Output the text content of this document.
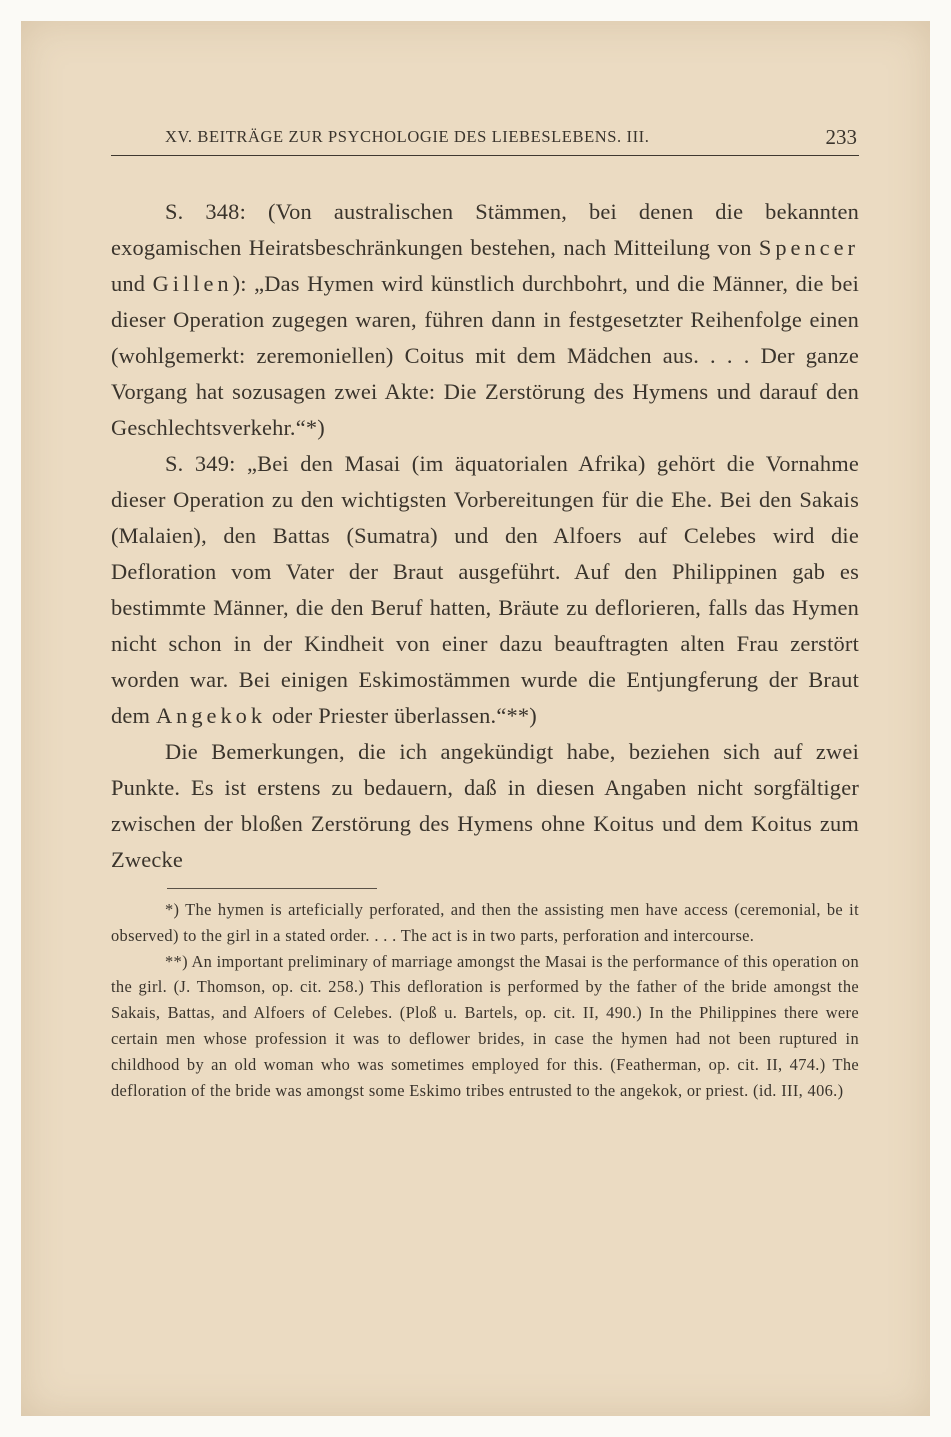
XV. BEITRÄGE ZUR PSYCHOLOGIE DES LIEBESLEBENS. III.	233

S. 348: (Von australischen Stämmen, bei denen die bekannten exogamischen Heiratsbeschränkungen bestehen, nach Mitteilung von Spencer und Gillen): „Das Hymen wird künstlich durchbohrt, und die Männer, die bei dieser Operation zugegen waren, führen dann in festgesetzter Reihenfolge einen (wohlgemerkt: zeremoniellen) Coitus mit dem Mädchen aus. . . . Der ganze Vorgang hat sozusagen zwei Akte: Die Zerstörung des Hymens und darauf den Geschlechtsverkehr.“*)

S. 349: „Bei den Masai (im äquatorialen Afrika) gehört die Vornahme dieser Operation zu den wichtigsten Vorbereitungen für die Ehe. Bei den Sakais (Malaien), den Battas (Sumatra) und den Alfoers auf Celebes wird die Defloration vom Vater der Braut ausgeführt. Auf den Philippinen gab es bestimmte Männer, die den Beruf hatten, Bräute zu deflorieren, falls das Hymen nicht schon in der Kindheit von einer dazu beauftragten alten Frau zerstört worden war. Bei einigen Eskimostämmen wurde die Entjungferung der Braut dem Angekok oder Priester überlassen.“**)

Die Bemerkungen, die ich angekündigt habe, beziehen sich auf zwei Punkte. Es ist erstens zu bedauern, daß in diesen Angaben nicht sorgfältiger zwischen der bloßen Zerstörung des Hymens ohne Koitus und dem Koitus zum Zwecke

*) The hymen is arteficially perforated, and then the assisting men have access (ceremonial, be it observed) to the girl in a stated order. . . . The act is in two parts, perforation and intercourse.

**) An important preliminary of marriage amongst the Masai is the performance of this operation on the girl. (J. Thomson, op. cit. 258.) This defloration is performed by the father of the bride amongst the Sakais, Battas, and Alfoers of Celebes. (Ploß u. Bartels, op. cit. II, 490.) In the Philippines there were certain men whose profession it was to deflower brides, in case the hymen had not been ruptured in childhood by an old woman who was sometimes employed for this. (Featherman, op. cit. II, 474.) The defloration of the bride was amongst some Eskimo tribes entrusted to the angekok, or priest. (id. III, 406.)
